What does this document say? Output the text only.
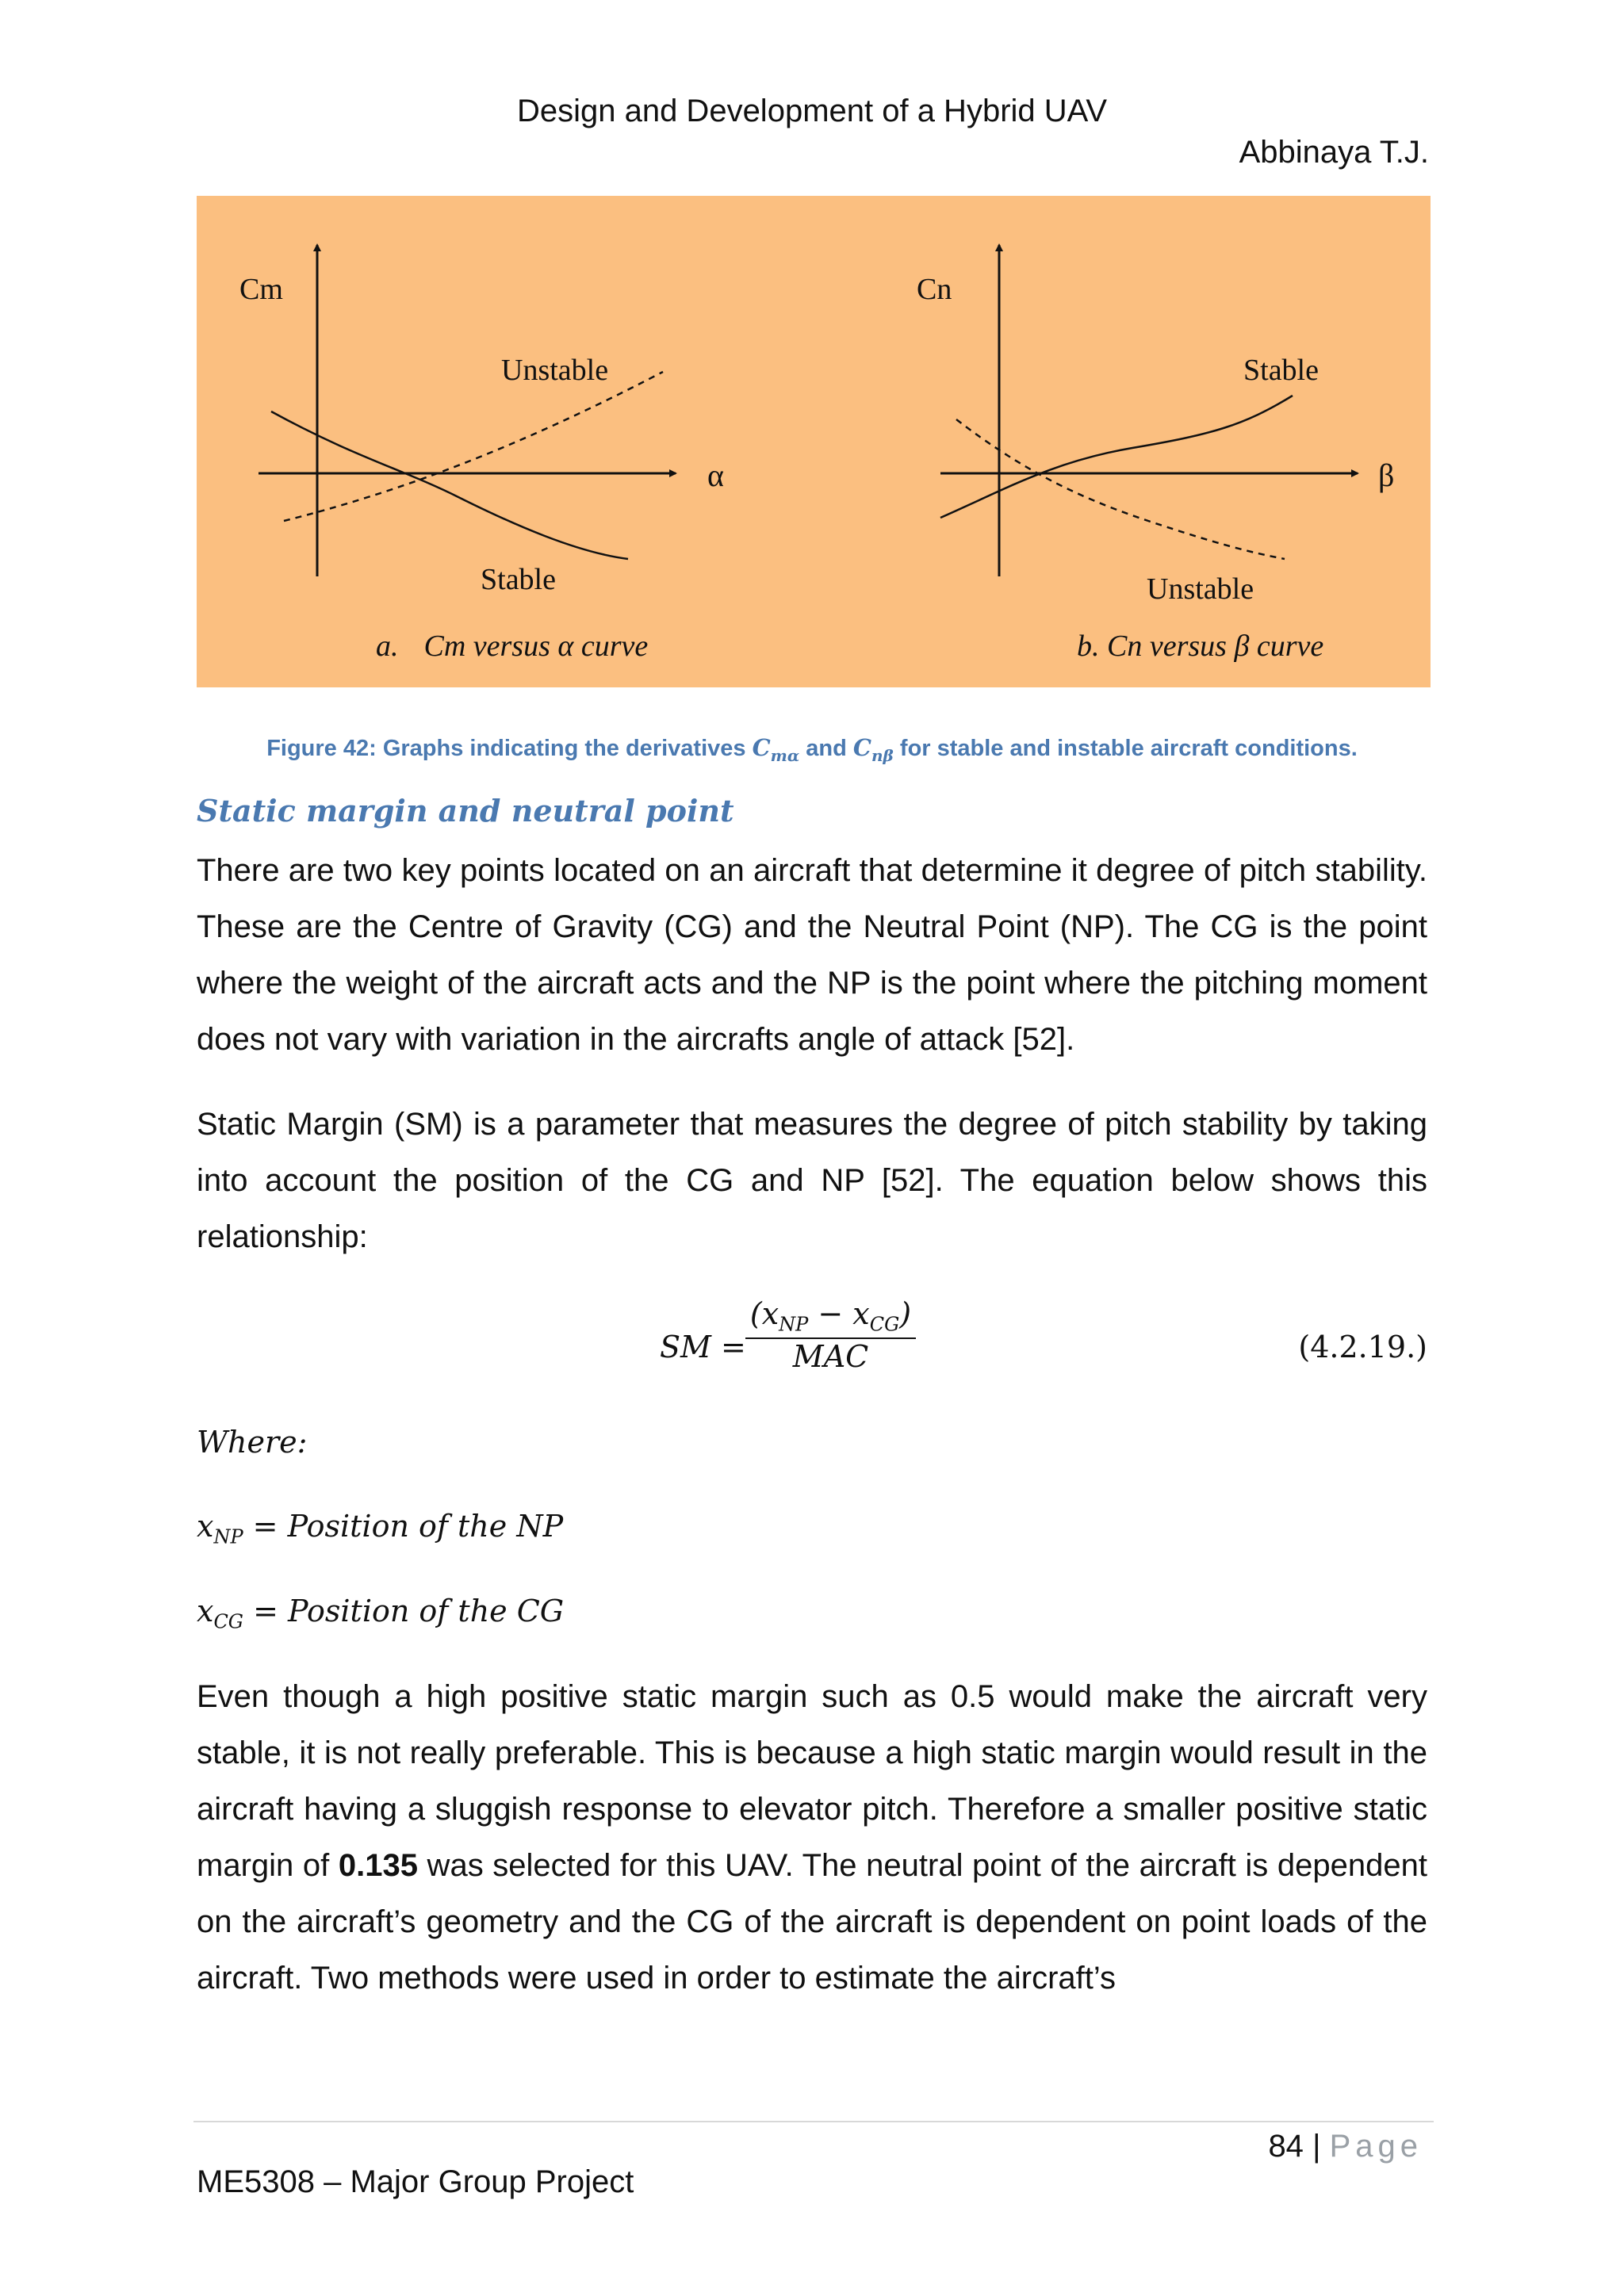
Design and Development of a Hybrid UAV
Abbinaya T.J.
Cm
α
Unstable
Stable
a. Cm versus α curve
Cn
β
Stable
Unstable
b. Cn versus β curve
Figure 42: Graphs indicating the derivatives $C_{m\alpha}$ and $C_{n\beta}$ for stable and instable aircraft conditions.
Static margin and neutral point
There are two key points located on an aircraft that determine it degree of pitch stability. These are the Centre of Gravity (CG) and the Neutral Point (NP). The CG is the point where the weight of the aircraft acts and the NP is the point where the pitching moment does not vary with variation in the aircrafts angle of attack [52].
Static Margin (SM) is a parameter that measures the degree of pitch stability by taking into account the position of the CG and NP [52]. The equation below shows this relationship:
SM =
$(x_{NP} - x_{CG})$
MAC	(4.2.19.)
Where:
$x_{NP}$ = Position of the NP
$x_{CG}$ = Position of the CG
Even though a high positive static margin such as 0.5 would make the aircraft very stable, it is not really preferable. This is because a high static margin would result in the aircraft having a sluggish response to elevator pitch. Therefore a smaller positive static margin of 0.135 was selected for this UAV. The neutral point of the aircraft is dependent on the aircraft’s geometry and the CG of the aircraft is dependent on point loads of the aircraft. Two methods were used in order to estimate the aircraft’s
84 | Page
ME5308 – Major Group Project
